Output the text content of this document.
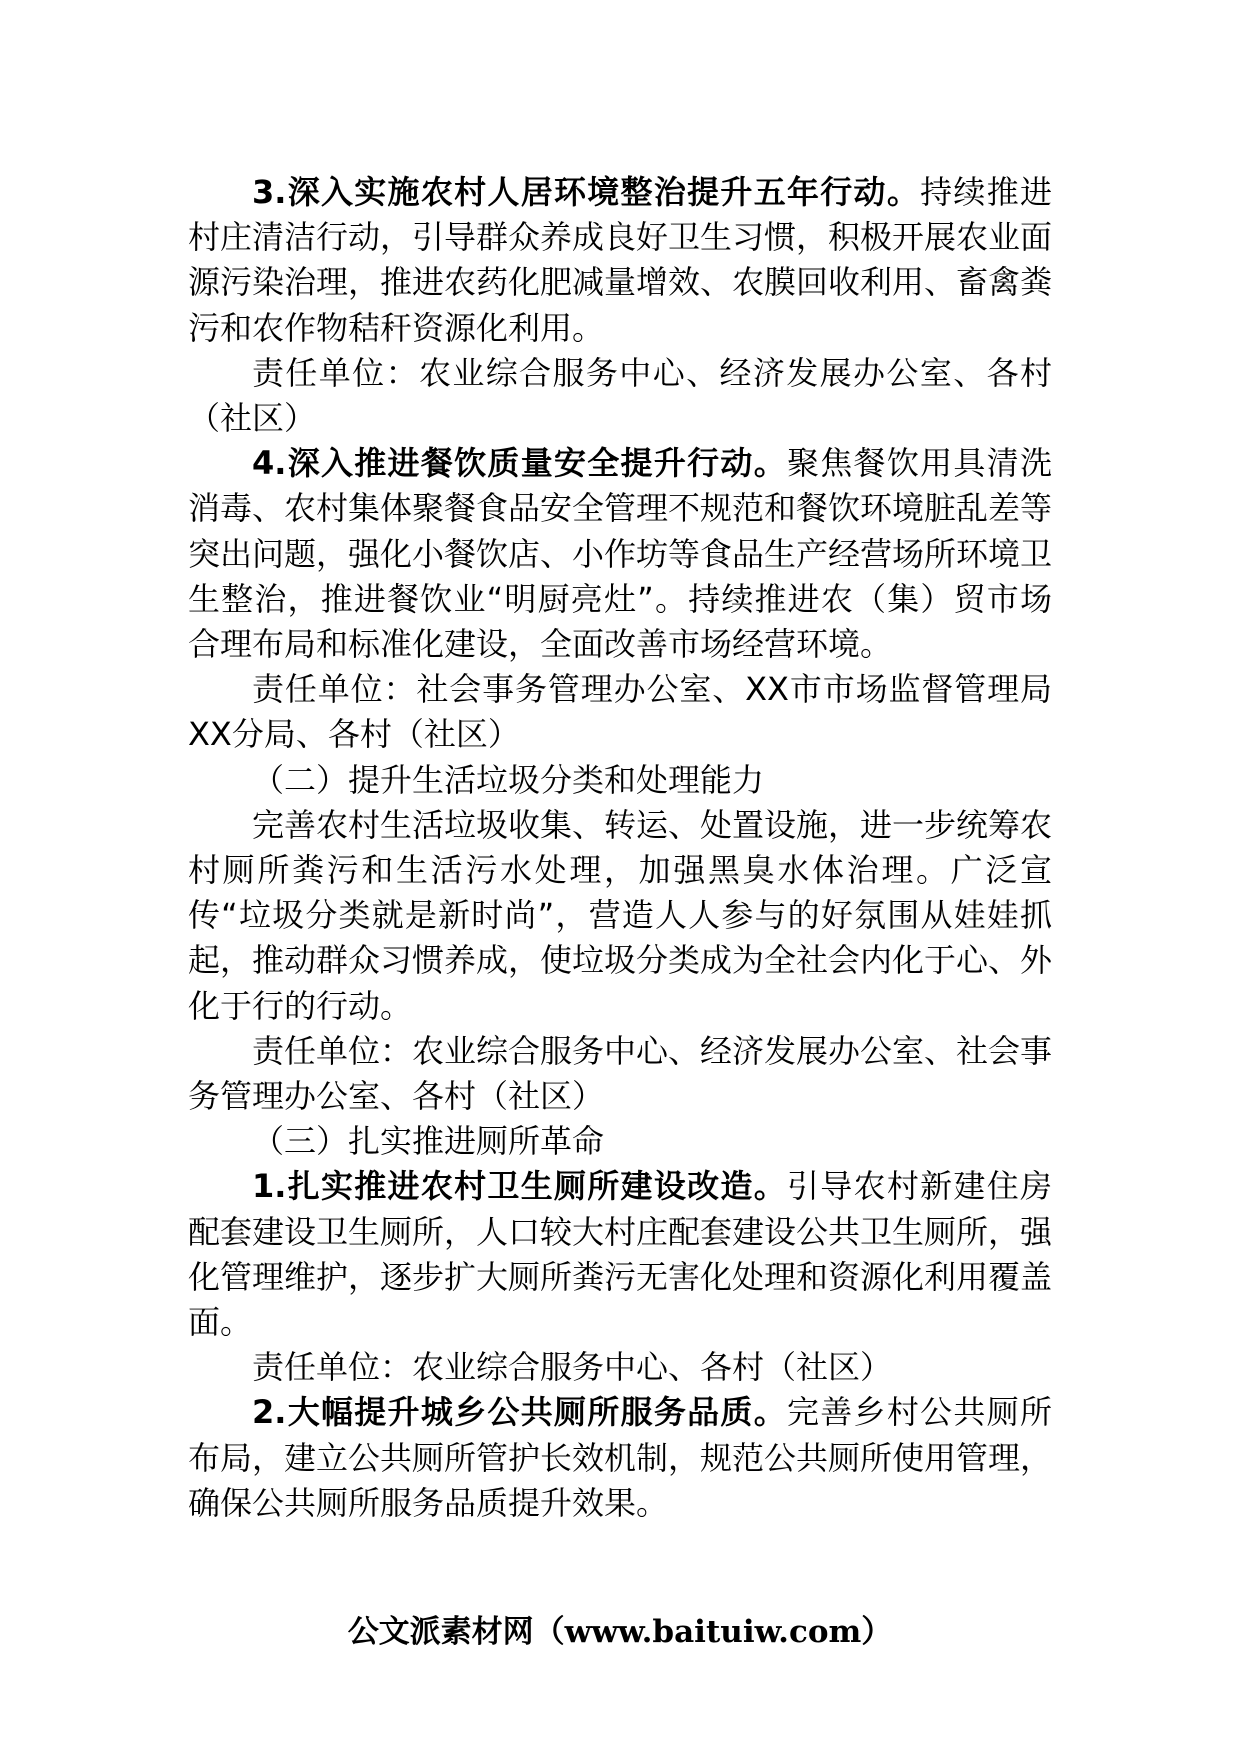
3.深入实施农村人居环境整治提升五年行动。持续推进村庄清洁行动，引导群众养成良好卫生习惯，积极开展农业面源污染治理，推进农药化肥减量增效、农膜回收利用、畜禽粪污和农作物秸秆资源化利用。

责任单位：农业综合服务中心、经济发展办公室、各村（社区）

4.深入推进餐饮质量安全提升行动。聚焦餐饮用具清洗消毒、农村集体聚餐食品安全管理不规范和餐饮环境脏乱差等突出问题，强化小餐饮店、小作坊等食品生产经营场所环境卫生整治，推进餐饮业“明厨亮灶”。持续推进农（集）贸市场合理布局和标准化建设，全面改善市场经营环境。

责任单位：社会事务管理办公室、XX市市场监督管理局XX分局、各村（社区）

（二）提升生活垃圾分类和处理能力

完善农村生活垃圾收集、转运、处置设施，进一步统筹农村厕所粪污和生活污水处理，加强黑臭水体治理。广泛宣传“垃圾分类就是新时尚”，营造人人参与的好氛围从娃娃抓起，推动群众习惯养成，使垃圾分类成为全社会内化于心、外化于行的行动。

责任单位：农业综合服务中心、经济发展办公室、社会事务管理办公室、各村（社区）

（三）扎实推进厕所革命

1.扎实推进农村卫生厕所建设改造。引导农村新建住房配套建设卫生厕所，人口较大村庄配套建设公共卫生厕所，强化管理维护，逐步扩大厕所粪污无害化处理和资源化利用覆盖面。

责任单位：农业综合服务中心、各村（社区）

2.大幅提升城乡公共厕所服务品质。完善乡村公共厕所布局，建立公共厕所管护长效机制，规范公共厕所使用管理，确保公共厕所服务品质提升效果。

公文派素材网（www.baituiw.com）
